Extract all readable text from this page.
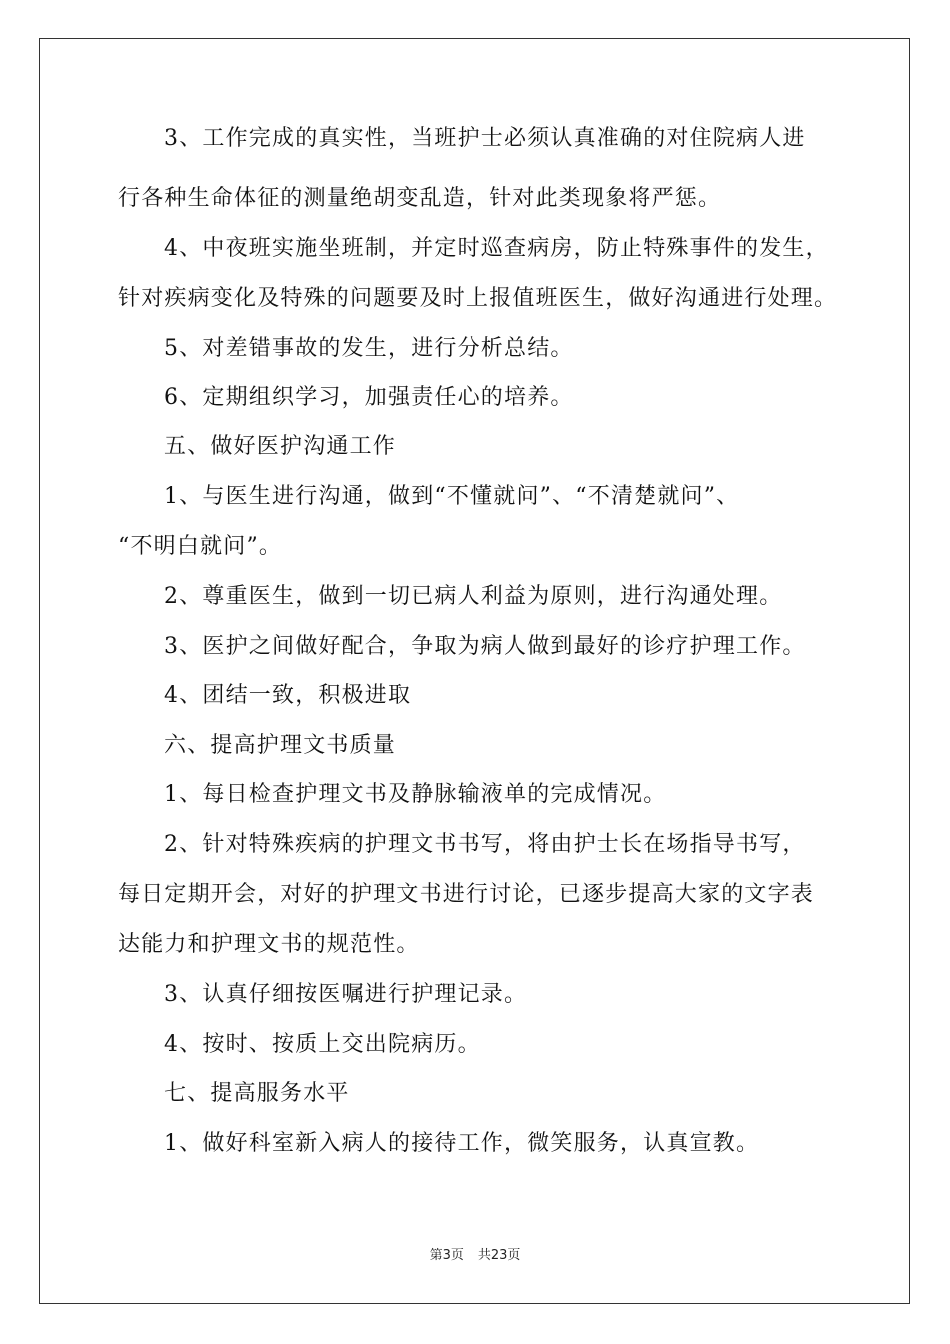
3、工作完成的真实性，当班护士必须认真准确的对住院病人进
行各种生命体征的测量绝胡变乱造，针对此类现象将严惩。
4、中夜班实施坐班制，并定时巡查病房，防止特殊事件的发生，
针对疾病变化及特殊的问题要及时上报值班医生，做好沟通进行处理。
5、对差错事故的发生，进行分析总结。
6、定期组织学习，加强责任心的培养。
五、做好医护沟通工作
1、与医生进行沟通，做到“不懂就问”、“不清楚就问”、
“不明白就问”。
2、尊重医生，做到一切已病人利益为原则，进行沟通处理。
3、医护之间做好配合，争取为病人做到最好的诊疗护理工作。
4、团结一致，积极进取
六、提高护理文书质量
1、每日检查护理文书及静脉输液单的完成情况。
2、针对特殊疾病的护理文书书写，将由护士长在场指导书写，
每日定期开会，对好的护理文书进行讨论，已逐步提高大家的文字表
达能力和护理文书的规范性。
3、认真仔细按医嘱进行护理记录。
4、按时、按质上交出院病历。
七、提高服务水平
1、做好科室新入病人的接待工作，微笑服务，认真宣教。
第3页 共23页
